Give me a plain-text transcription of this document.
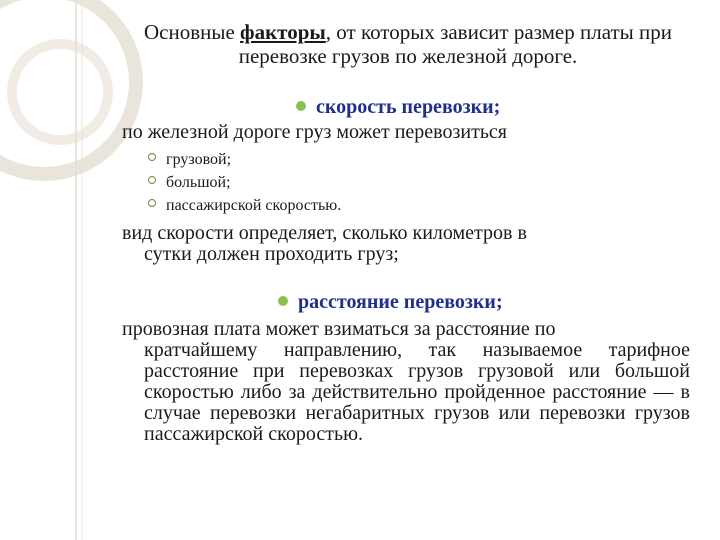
Основные факторы, от которых зависит размер платы при перевозке грузов по железной дороге.
скорость перевозки;
по железной дороге груз может перевозиться
грузовой;
большой;
пассажирской скоростью.
вид скорости определяет, сколько километров в
сутки должен проходить груз;
расстояние перевозки;
провозная плата может взиматься за расстояние по
кратчайшему направлению, так называемое тарифное расстояние при перевозках грузов грузовой или большой скоростью либо за действительно пройденное расстояние — в случае перевозки негабаритных грузов или перевозки грузов пассажирской скоростью.
